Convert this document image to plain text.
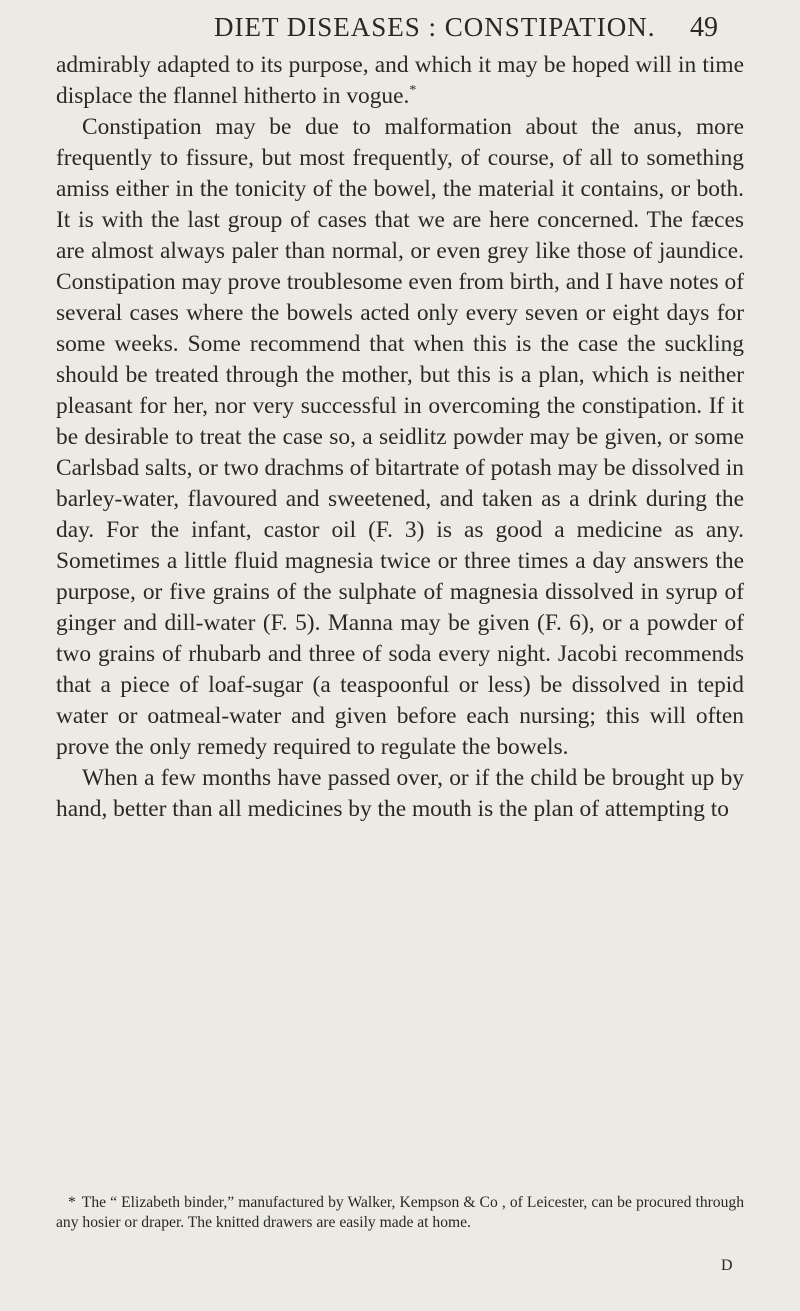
DIET DISEASES : CONSTIPATION. 49

admirably adapted to its purpose, and which it may be hoped will in time displace the flannel hitherto in vogue.*

Constipation may be due to malformation about the anus, more frequently to fissure, but most frequently, of course, of all to something amiss either in the tonicity of the bowel, the material it contains, or both. It is with the last group of cases that we are here concerned. The fæces are almost always paler than normal, or even grey like those of jaundice. Constipation may prove troublesome even from birth, and I have notes of several cases where the bowels acted only every seven or eight days for some weeks. Some recommend that when this is the case the suckling should be treated through the mother, but this is a plan, which is neither pleasant for her, nor very successful in overcoming the constipation. If it be desirable to treat the case so, a seidlitz powder may be given, or some Carlsbad salts, or two drachms of bitartrate of potash may be dissolved in barley-water, flavoured and sweetened, and taken as a drink during the day. For the infant, castor oil (F. 3) is as good a medicine as any. Sometimes a little fluid magnesia twice or three times a day answers the purpose, or five grains of the sulphate of magnesia dissolved in syrup of ginger and dill-water (F. 5). Manna may be given (F. 6), or a powder of two grains of rhubarb and three of soda every night. Jacobi recommends that a piece of loaf-sugar (a teaspoonful or less) be dissolved in tepid water or oatmeal-water and given before each nursing; this will often prove the only remedy required to regulate the bowels.

When a few months have passed over, or if the child be brought up by hand, better than all medicines by the mouth is the plan of attempting to

* The “ Elizabeth binder,” manufactured by Walker, Kempson & Co , of Leicester, can be procured through any hosier or draper. The knitted drawers are easily made at home.

D
